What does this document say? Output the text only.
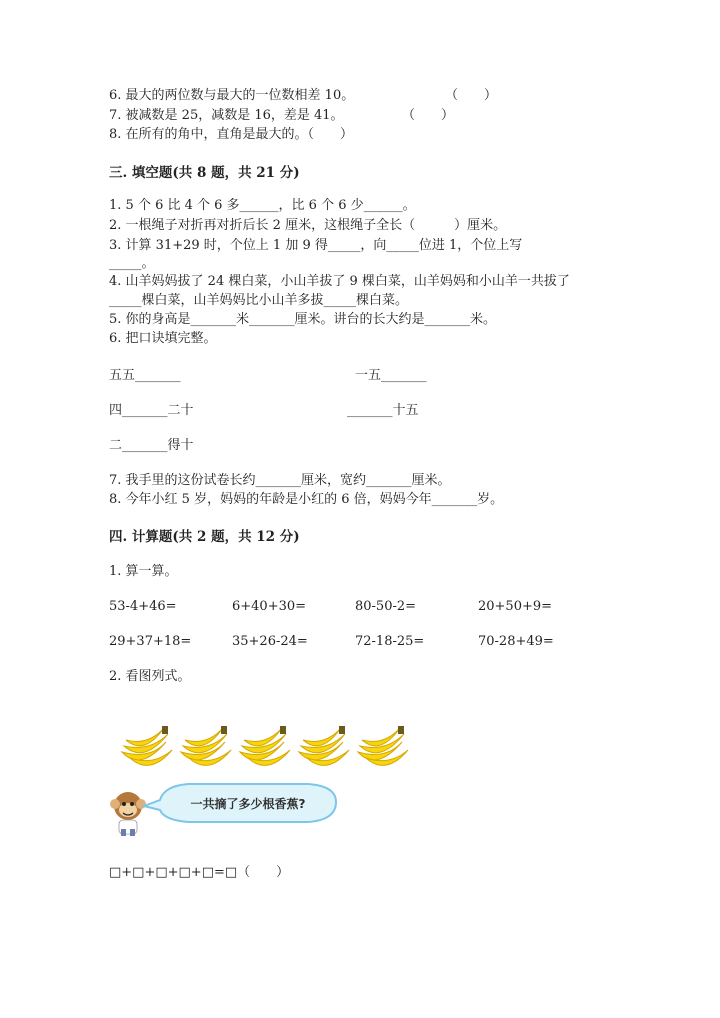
6. 最大的两位数与最大的一位数相差 10。	（　　）
7. 被减数是 25，减数是 16，差是 41。	（　　）
8. 在所有的角中，直角是最大的。（　　）
三. 填空题(共 8 题，共 21 分)
1. 5 个 6 比 4 个 6 多______，比 6 个 6 少______。
2. 一根绳子对折再对折后长 2 厘米，这根绳子全长（　　　）厘米。
3. 计算 31+29 时，个位上 1 加 9 得_____，向_____位进 1，个位上写
_____。
4. 山羊妈妈拔了 24 棵白菜，小山羊拔了 9 棵白菜，山羊妈妈和小山羊一共拔了
_____棵白菜，山羊妈妈比小山羊多拔_____棵白菜。
5. 你的身高是_______米_______厘米。讲台的长大约是_______米。
6. 把口诀填完整。
五五_______	一五_______
四_______二十	_______十五
二_______得十
7. 我手里的这份试卷长约_______厘米，宽约_______厘米。
8. 今年小红 5 岁，妈妈的年龄是小红的 6 倍，妈妈今年_______岁。
四. 计算题(共 2 题，共 12 分)
1. 算一算。
53-4+46=	6+40+30=	80-50-2=	20+50+9=
29+37+18=	35+26-24=	72-18-25=	70-28+49=
2. 看图列式。
一共摘了多少根香蕉?
□+□+□+□+□=□（　　）
